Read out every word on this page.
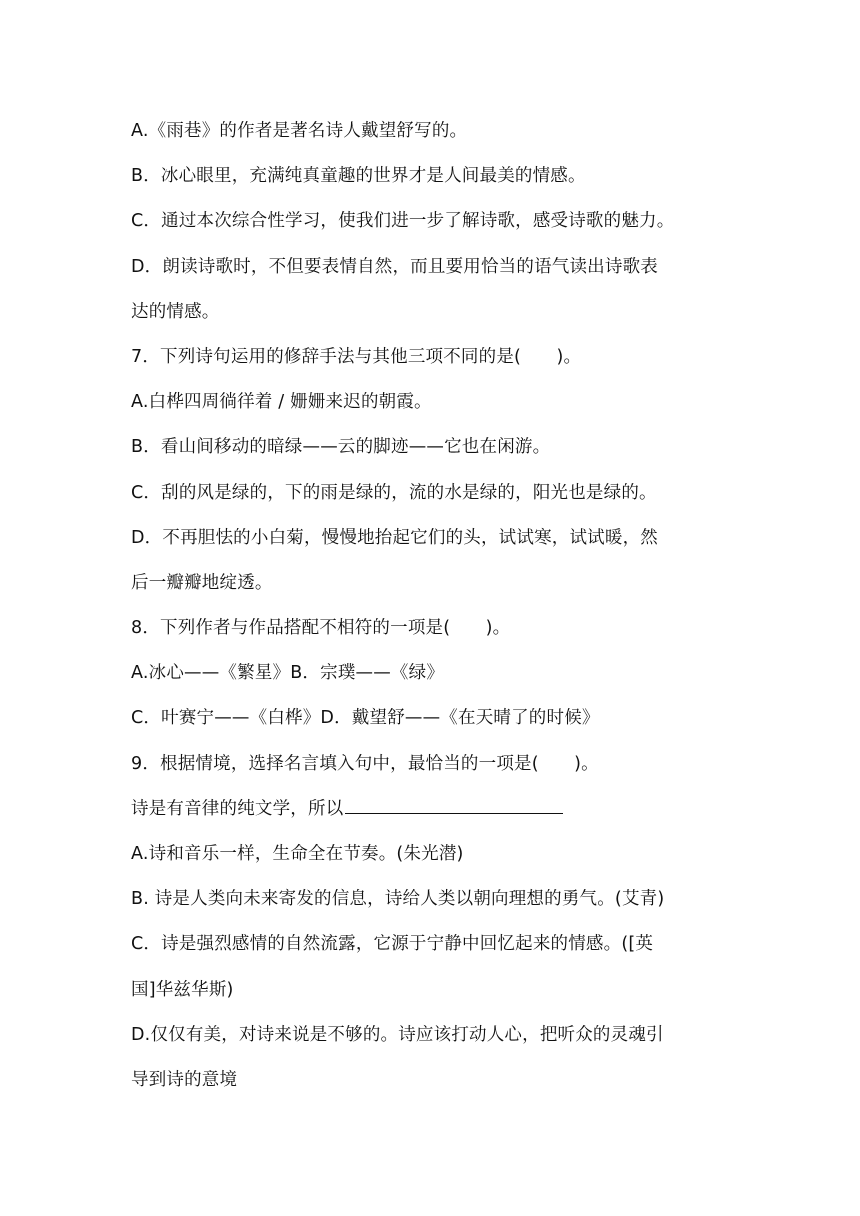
A.《雨巷》的作者是著名诗人戴望舒写的。
B．冰心眼里，充满纯真童趣的世界才是人间最美的情感。
C．通过本次综合性学习，使我们进一步了解诗歌，感受诗歌的魅力。
D．朗读诗歌时，不但要表情自然，而且要用恰当的语气读出诗歌表
达的情感。
7．下列诗句运用的修辞手法与其他三项不同的是(　　)。
A.白桦四周徜徉着 / 姗姗来迟的朝霞。
B．看山间移动的暗绿——云的脚迹——它也在闲游。
C．刮的风是绿的，下的雨是绿的，流的水是绿的，阳光也是绿的。
D．不再胆怯的小白菊，慢慢地抬起它们的头，试试寒，试试暖，然
后一瓣瓣地绽透。
8．下列作者与作品搭配不相符的一项是(　　)。
A.冰心——《繁星》B．宗璞——《绿》
C．叶赛宁——《白桦》D．戴望舒——《在天晴了的时候》
9．根据情境，选择名言填入句中，最恰当的一项是(　　)。
诗是有音律的纯文学，所以
A.诗和音乐一样，生命全在节奏。(朱光潜)
B. 诗是人类向未来寄发的信息，诗给人类以朝向理想的勇气。(艾青)
C．诗是强烈感情的自然流露，它源于宁静中回忆起来的情感。([英
国]华兹华斯)
D.仅仅有美，对诗来说是不够的。诗应该打动人心，把听众的灵魂引
导到诗的意境
